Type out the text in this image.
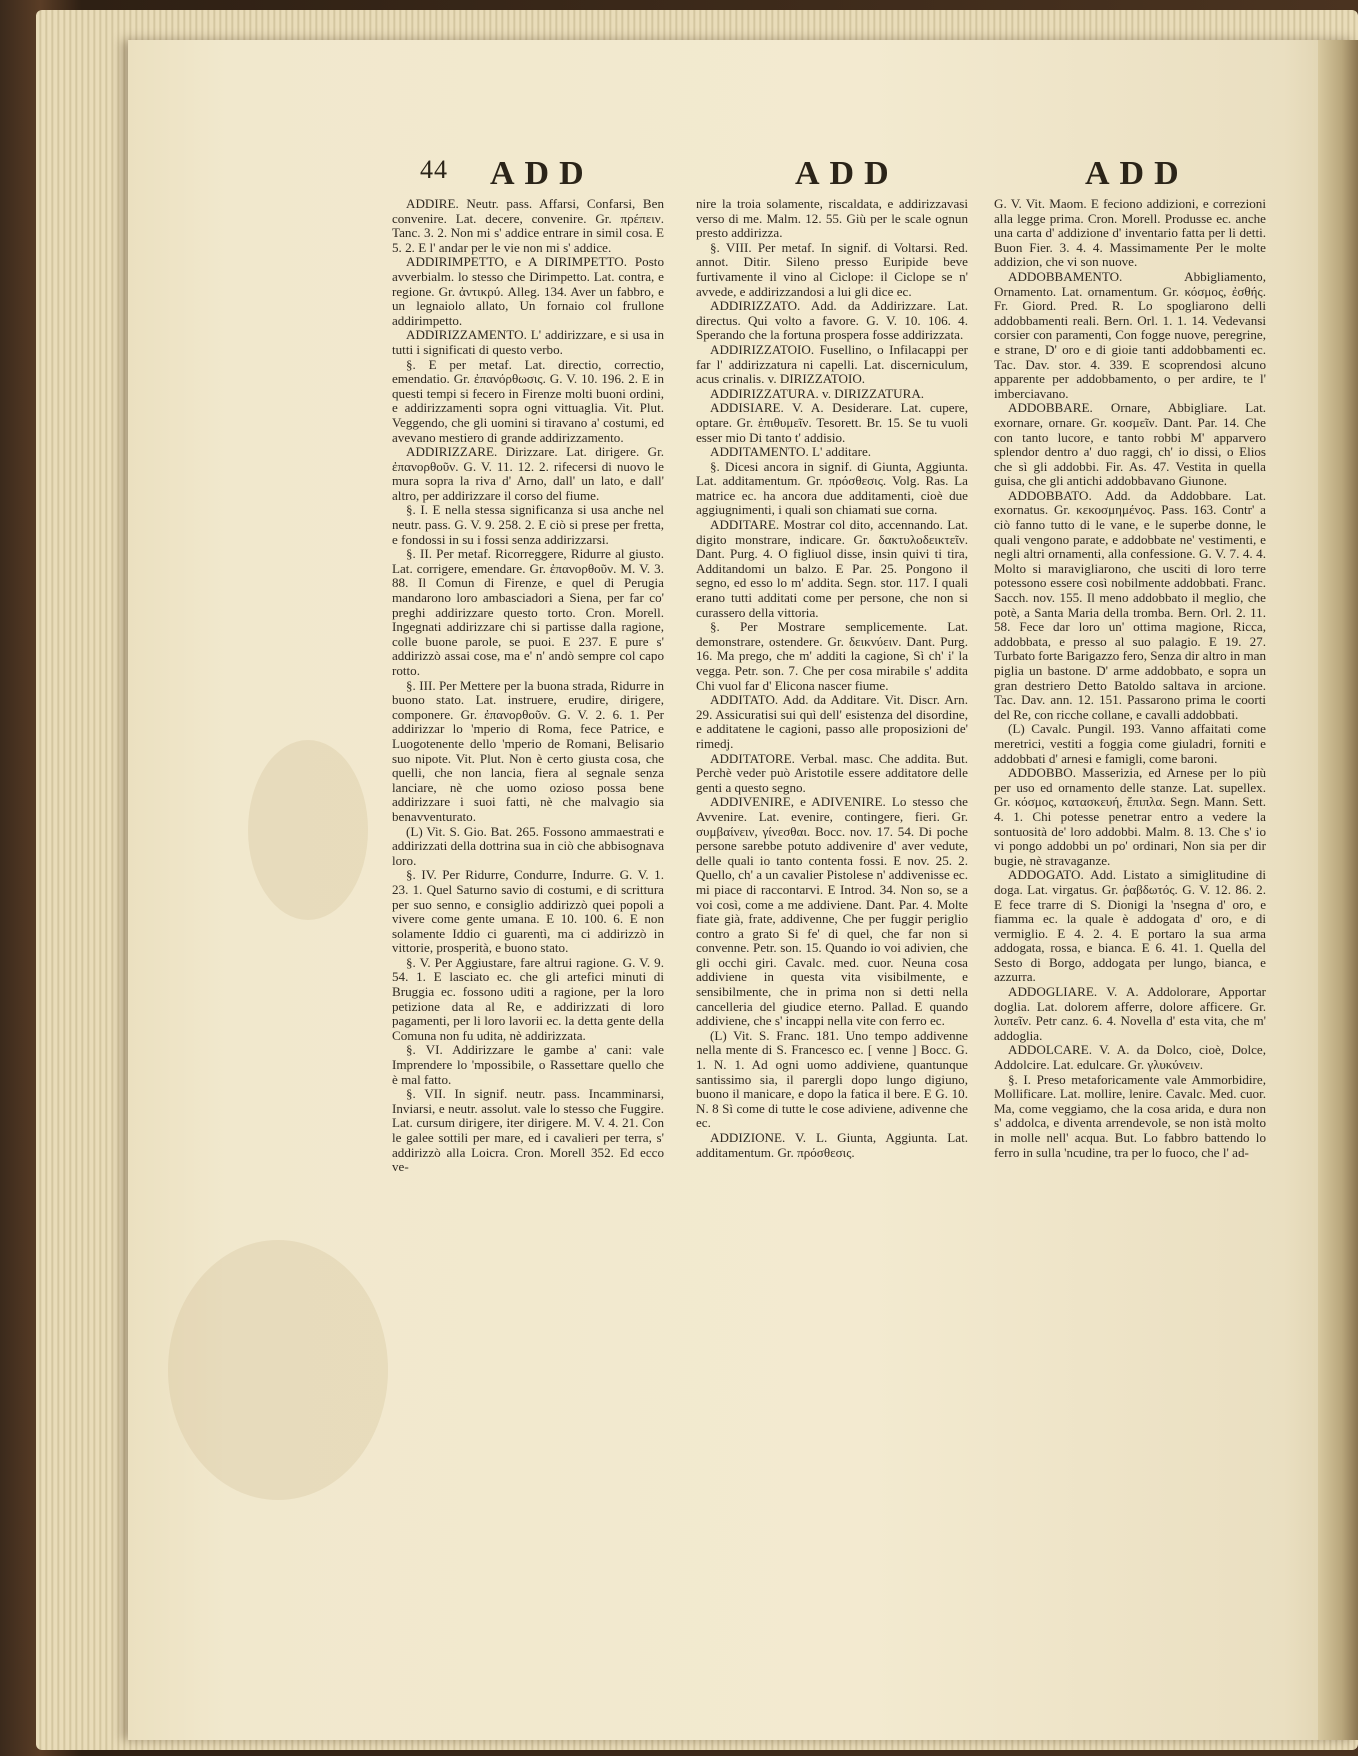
44 ADD	ADD	ADD

ADDIRE. Neutr. pass. Affarsi, Confarsi, Ben convenire. Lat. decere, convenire. Gr. πρέπειν. Tanc. 3. 2. Non mi s' addice entrare in simil cosa. E 5. 2. E l' andar per le vie non mi s' addice.

ADDIRIMPETTO, e A DIRIMPETTO. Posto avverbialm. lo stesso che Dirimpetto. Lat. contra, e regione. Gr. ἀντικρύ. Alleg. 134. Aver un fabbro, e un legnaiolo allato, Un fornaio col frullone addirimpetto.

ADDIRIZZAMENTO. L' addirizzare, e si usa in tutti i significati di questo verbo.

§. E per metaf. Lat. directio, correctio, emendatio. Gr. ἐπανόρθωσις. G. V. 10. 196. 2. E in questi tempi si fecero in Firenze molti buoni ordini, e addirizzamenti sopra ogni vittuaglia. Vit. Plut. Veggendo, che gli uomini si tiravano a' costumi, ed avevano mestiero di grande addirizzamento.

ADDIRIZZARE. Dirizzare. Lat. dirigere. Gr. ἐπανορθοῦν. G. V. 11. 12. 2. rifecersi di nuovo le mura sopra la riva d' Arno, dall' un lato, e dall' altro, per addirizzare il corso del fiume.

§. I. E nella stessa significanza si usa anche nel neutr. pass. G. V. 9. 258. 2. E ciò si prese per fretta, e fondossi in su i fossi senza addirizzarsi.

§. II. Per metaf. Ricorreggere, Ridurre al giusto. Lat. corrigere, emendare. Gr. ἐπανορθοῦν. M. V. 3. 88. Il Comun di Firenze, e quel di Perugia mandarono loro ambasciadori a Siena, per far co' preghi addirizzare questo torto. Cron. Morell. Ingegnati addirizzare chi si partisse dalla ragione, colle buone parole, se puoi. E 237. E pure s' addirizzò assai cose, ma e' n' andò sempre col capo rotto.

§. III. Per Mettere per la buona strada, Ridurre in buono stato. Lat. instruere, erudire, dirigere, componere. Gr. ἐπανορθοῦν. G. V. 2. 6. 1. Per addirizzar lo 'mperio di Roma, fece Patrice, e Luogotenente dello 'mperio de Romani, Belisario suo nipote. Vit. Plut. Non è certo giusta cosa, che quelli, che non lancia, fiera al segnale senza lanciare, nè che uomo ozioso possa bene addirizzare i suoi fatti, nè che malvagio sia benavventurato.

(L) Vit. S. Gio. Bat. 265. Fossono ammaestrati e addirizzati della dottrina sua in ciò che abbisognava loro.

§. IV. Per Ridurre, Condurre, Indurre. G. V. 1. 23. 1. Quel Saturno savio di costumi, e di scrittura per suo senno, e consiglio addirizzò quei popoli a vivere come gente umana. E 10. 100. 6. E non solamente Iddio ci guarentì, ma ci addirizzò in vittorie, prosperità, e buono stato.

§. V. Per Aggiustare, fare altrui ragione. G. V. 9. 54. 1. E lasciato ec. che gli artefici minuti di Bruggia ec. fossono uditi a ragione, per la loro petizione data al Re, e addirizzati di loro pagamenti, per li loro lavorii ec. la detta gente della Comuna non fu udita, nè addirizzata.

§. VI. Addirizzare le gambe a' cani: vale Imprendere lo 'mpossibile, o Rassettare quello che è mal fatto.

§. VII. In signif. neutr. pass. Incamminarsi, Inviarsi, e neutr. assolut. vale lo stesso che Fuggire. Lat. cursum dirigere, iter dirigere. M. V. 4. 21. Con le galee sottili per mare, ed i cavalieri per terra, s' addirizzò alla Loicra. Cron. Morell 352. Ed ecco ve-

nire la troia solamente, riscaldata, e addirizzavasi verso di me. Malm. 12. 55. Giù per le scale ognun presto addirizza.

§. VIII. Per metaf. In signif. di Voltarsi. Red. annot. Ditir. Sileno presso Euripide beve furtivamente il vino al Ciclope: il Ciclope se n' avvede, e addirizzandosi a lui gli dice ec.

ADDIRIZZATO. Add. da Addirizzare. Lat. directus. Qui volto a favore. G. V. 10. 106. 4. Sperando che la fortuna prospera fosse addirizzata.

ADDIRIZZATOIO. Fusellino, o Infilacappi per far l' addirizzatura ni capelli. Lat. discerniculum, acus crinalis. v. DIRIZZATOIO.

ADDIRIZZATURA. v. DIRIZZATURA.

ADDISIARE. V. A. Desiderare. Lat. cupere, optare. Gr. ἐπιθυμεῖν. Tesorett. Br. 15. Se tu vuoli esser mio Di tanto t' addisio.

ADDITAMENTO. L' additare.

§. Dicesi ancora in signif. di Giunta, Aggiunta. Lat. additamentum. Gr. πρόσθεσις. Volg. Ras. La matrice ec. ha ancora due additamenti, cioè due aggiugnimenti, i quali son chiamati sue corna.

ADDITARE. Mostrar col dito, accennando. Lat. digito monstrare, indicare. Gr. δακτυλοδεικτεῖν. Dant. Purg. 4. O figliuol disse, insin quivi ti tira, Additandomi un balzo. E Par. 25. Pongono il segno, ed esso lo m' addita. Segn. stor. 117. I quali erano tutti additati come per persone, che non si curassero della vittoria.

§. Per Mostrare semplicemente. Lat. demonstrare, ostendere. Gr. δεικνύειν. Dant. Purg. 16. Ma prego, che m' additi la cagione, Sì ch' i' la vegga. Petr. son. 7. Che per cosa mirabile s' addita Chi vuol far d' Elicona nascer fiume.

ADDITATO. Add. da Additare. Vit. Discr. Arn. 29. Assicuratisi sui quì dell' esistenza del disordine, e additatene le cagioni, passo alle proposizioni de' rimedj.

ADDITATORE. Verbal. masc. Che addita. But. Perchè veder può Aristotile essere additatore delle genti a questo segno.

ADDIVENIRE, e ADIVENIRE. Lo stesso che Avvenire. Lat. evenire, contingere, fieri. Gr. συμβαίνειν, γίνεσθαι. Bocc. nov. 17. 54. Di poche persone sarebbe potuto addivenire d' aver vedute, delle quali io tanto contenta fossi. E nov. 25. 2. Quello, ch' a un cavalier Pistolese n' addivenisse ec. mi piace di raccontarvi. E Introd. 34. Non so, se a voi così, come a me addiviene. Dant. Par. 4. Molte fiate già, frate, addivenne, Che per fuggir periglio contro a grato Si fe' di quel, che far non si convenne. Petr. son. 15. Quando io voi adivien, che gli occhi giri. Cavalc. med. cuor. Neuna cosa addiviene in questa vita visibilmente, e sensibilmente, che in prima non si detti nella cancelleria del giudice eterno. Pallad. E quando addiviene, che s' incappi nella vite con ferro ec.

(L) Vit. S. Franc. 181. Uno tempo addivenne nella mente di S. Francesco ec. [ venne ] Bocc. G. 1. N. 1. Ad ogni uomo addiviene, quantunque santissimo sia, il parergli dopo lungo digiuno, buono il manicare, e dopo la fatica il bere. E G. 10. N. 8 Sì come di tutte le cose adiviene, adivenne che ec.

ADDIZIONE. V. L. Giunta, Aggiunta. Lat. additamentum. Gr. πρόσθεσις.

G. V. Vit. Maom. E feciono addizioni, e correzioni alla legge prima. Cron. Morell. Produsse ec. anche una carta d' addizione d' inventario fatta per li detti. Buon Fier. 3. 4. 4. Massimamente Per le molte addizion, che vi son nuove.

ADDOBBAMENTO. Abbigliamento, Ornamento. Lat. ornamentum. Gr. κόσμος, ἐσθής. Fr. Giord. Pred. R. Lo spogliarono delli addobbamenti reali. Bern. Orl. 1. 1. 14. Vedevansi corsier con paramenti, Con fogge nuove, peregrine, e strane, D' oro e di gioie tanti addobbamenti ec. Tac. Dav. stor. 4. 339. E scoprendosi alcuno apparente per addobbamento, o per ardire, te l' imberciavano.

ADDOBBARE. Ornare, Abbigliare. Lat. exornare, ornare. Gr. κοσμεῖν. Dant. Par. 14. Che con tanto lucore, e tanto robbi M' apparvero splendor dentro a' duo raggi, ch' io dissi, o Elios che sì gli addobbi. Fir. As. 47. Vestita in quella guisa, che gli antichi addobbavano Giunone.

ADDOBBATO. Add. da Addobbare. Lat. exornatus. Gr. κεκοσμημένος. Pass. 163. Contr' a ciò fanno tutto di le vane, e le superbe donne, le quali vengono parate, e addobbate ne' vestimenti, e negli altri ornamenti, alla confessione. G. V. 7. 4. 4. Molto si maravigliarono, che usciti di loro terre potessono essere così nobilmente addobbati. Franc. Sacch. nov. 155. Il meno addobbato il meglio, che potè, a Santa Maria della tromba. Bern. Orl. 2. 11. 58. Fece dar loro un' ottima magione, Ricca, addobbata, e presso al suo palagio. E 19. 27. Turbato forte Barigazzo fero, Senza dir altro in man piglia un bastone. D' arme addobbato, e sopra un gran destriero Detto Batoldo saltava in arcione. Tac. Dav. ann. 12. 151. Passarono prima le coorti del Re, con ricche collane, e cavalli addobbati.

(L) Cavalc. Pungil. 193. Vanno affaitati come meretrici, vestiti a foggia come giuladri, forniti e addobbati d' arnesi e famigli, come baroni.

ADDOBBO. Masserizia, ed Arnese per lo più per uso ed ornamento delle stanze. Lat. supellex. Gr. κόσμος, κατασκευή, ἔπιπλα. Segn. Mann. Sett. 4. 1. Chi potesse penetrar entro a vedere la sontuosità de' loro addobbi. Malm. 8. 13. Che s' io vi pongo addobbi un po' ordinari, Non sia per dir bugie, nè stravaganze.

ADDOGATO. Add. Listato a simiglitudine di doga. Lat. virgatus. Gr. ῥαβδωτός. G. V. 12. 86. 2. E fece trarre di S. Dionigi la 'nsegna d' oro, e fiamma ec. la quale è addogata d' oro, e di vermiglio. E 4. 2. 4. E portaro la sua arma addogata, rossa, e bianca. E 6. 41. 1. Quella del Sesto di Borgo, addogata per lungo, bianca, e azzurra.

ADDOGLIARE. V. A. Addolorare, Apportar doglia. Lat. dolorem afferre, dolore afficere. Gr. λυπεῖν. Petr canz. 6. 4. Novella d' esta vita, che m' addoglia.

ADDOLCARE. V. A. da Dolco, cioè, Dolce, Addolcire. Lat. edulcare. Gr. γλυκύνειν.

§. I. Preso metaforicamente vale Ammorbidire, Mollificare. Lat. mollire, lenire. Cavalc. Med. cuor. Ma, come veggiamo, che la cosa arida, e dura non s' addolca, e diventa arrendevole, se non istà molto in molle nell' acqua. But. Lo fabbro battendo lo ferro in sulla 'ncudine, tra per lo fuoco, che l' ad-
